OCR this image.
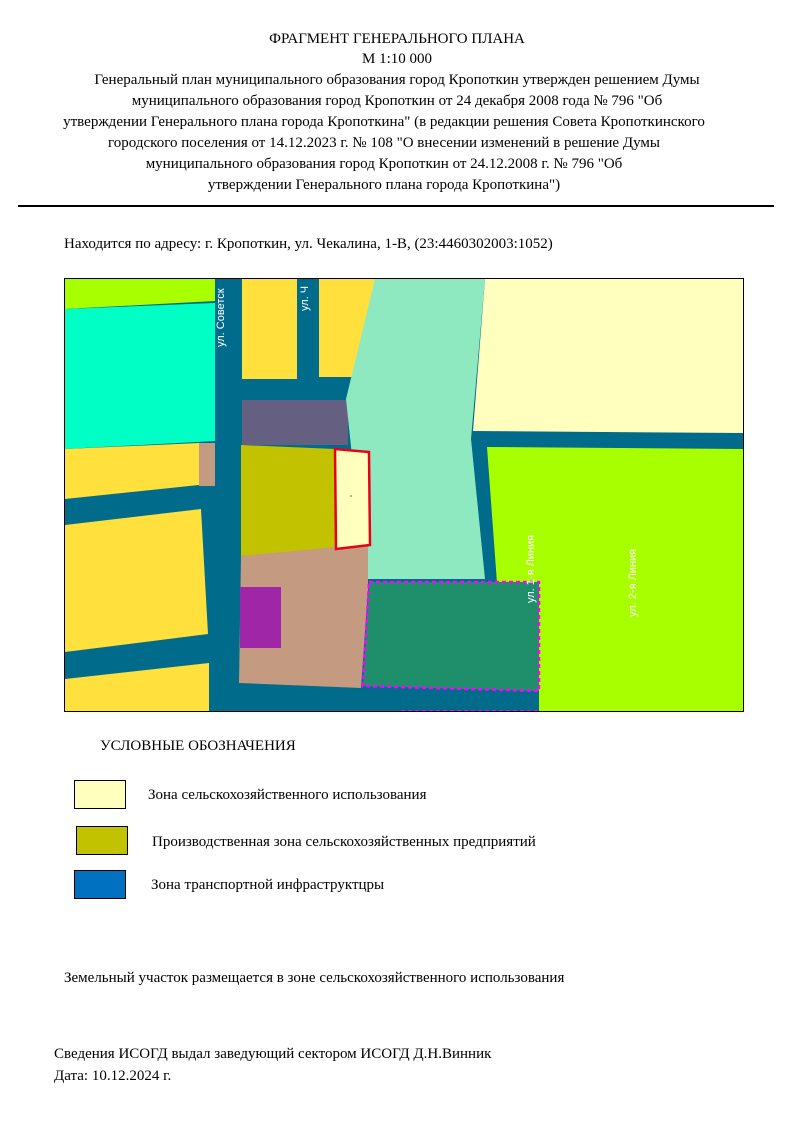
ФРАГМЕНТ ГЕНЕРАЛЬНОГО ПЛАНА
М 1:10 000
Генеральный план муниципального образования город Кропоткин утвержден решением Думы
муниципального образования город Кропоткин от 24 декабря 2008 года № 796 "Об
утверждении Генерального плана города Кропоткина" (в редакции решения Совета Кропоткинского
городского поселения от 14.12.2023 г. № 108 "О внесении изменений в решение Думы
муниципального образования город Кропоткин от 24.12.2008 г. № 796 "Об
утверждении Генерального плана города Кропоткина")
Находится по адресу: г. Кропоткин, ул. Чекалина, 1-В, (23:4460302003:1052)
ул. Советск	ул. Ч
ул. 1-я Линия	ул. 2-я Линия
УСЛОВНЫЕ ОБОЗНАЧЕНИЯ
Зона сельскохозяйственного использования
Производственная зона сельскохозяйственных предприятий
Зона транспортной инфраструктцры
Земельный участок размещается в зоне сельскохозяйственного использования
Сведения ИСОГД выдал заведующий сектором ИСОГД Д.Н.Винник
Дата: 10.12.2024 г.
